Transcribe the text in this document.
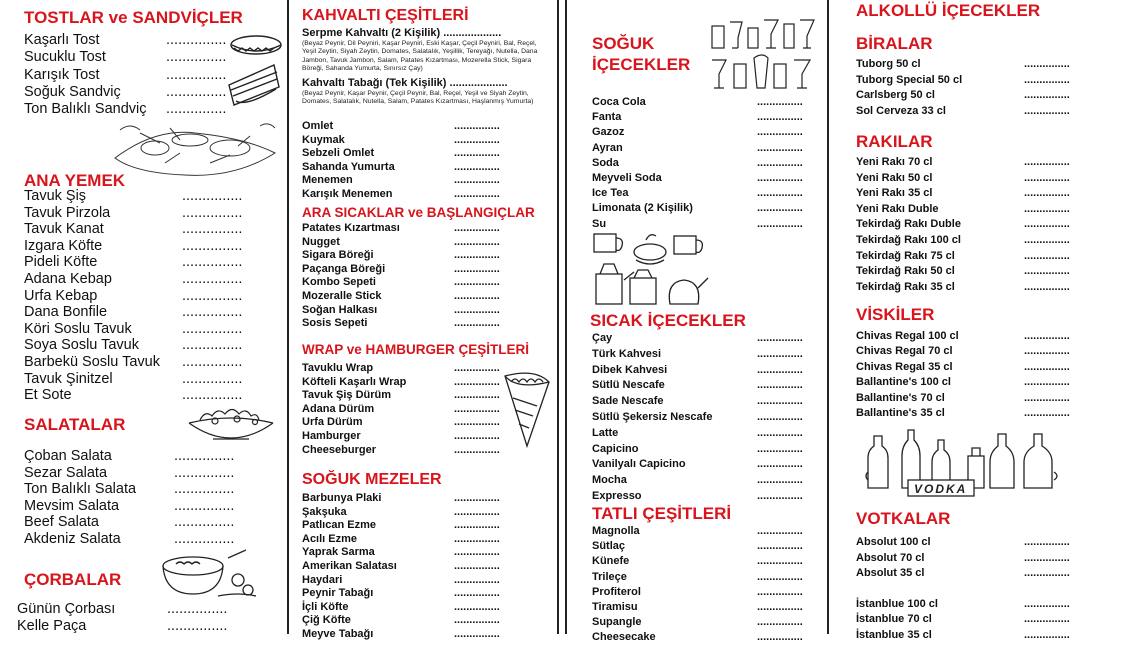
TOSTLAR ve SANDVİÇLER
ANA YEMEK
SALATALAR
ÇORBALAR
Kaşarlı Tost	...............
Sucuklu Tost	...............
Karışık Tost	...............
Soğuk Sandviç	...............
Ton Balıklı Sandviç ...............
Tavuk Şiş	...............
Tavuk Pirzola	...............
Tavuk Kanat	...............
Izgara Köfte	...............
Pideli Köfte	...............
Adana Kebap	...............
Urfa Kebap	...............
Dana Bonfile	...............
Köri Soslu Tavuk	...............
Soya Soslu Tavuk	...............
Barbekü Soslu Tavuk ...............
Tavuk Şinitzel	...............
Et Sote	...............
Çoban Salata	...............
Sezar Salata	...............
Ton Balıklı Salata	...............
Mevsim Salata	...............
Beef Salata	...............
Akdeniz Salata	...............
Günün Çorbası	...............
Kelle Paça	...............
KAHVALTI ÇEŞİTLERİ
Serpme Kahvaltı (2 Kişilik) ...................
(Beyaz Peynir, Dil Peyniri, Kaşar Peyniri, Eski Kaşar, Çeçil Peyniri, Bal, Reçel, Yeşil Zeytin, Siyah Zeytin, Domates, Salatalık, Yeşillik, Tereyağı, Nutella, Dana Jambon, Tavuk Jambon, Salam, Patates Kızartması, Mozerella Stick, Sigara Böreği, Sahanda Yumurta, Sınırsız Çay)
Kahvaltı Tabağı (Tek Kişilik) ...................
(Beyaz Peynir, Kaşar Peynir, Çeçil Peynir, Bal, Reçel, Yeşil ve Siyah Zeytin, Domates, Salatalık, Nutella, Salam, Patates Kızartması, Haşlanmış Yumurta)
ARA SICAKLAR ve BAŞLANGIÇLAR
WRAP ve HAMBURGER ÇEŞİTLERİ
SOĞUK MEZELER
Omlet	...............
Kuymak	...............
Sebzeli Omlet	...............
Sahanda Yumurta	...............
Menemen	...............
Karışık Menemen	...............
Patates Kızartması	...............
Nugget	...............
Sigara Böreği	...............
Paçanga Böreği	...............
Kombo Sepeti	...............
Mozeralle Stick	...............
Soğan Halkası	...............
Sosis Sepeti	...............
Tavuklu Wrap	...............
Köfteli Kaşarlı Wrap	...............
Tavuk Şiş Dürüm	...............
Adana Dürüm	...............
Urfa Dürüm	...............
Hamburger	...............
Cheeseburger	...............
Barbunya Plaki	...............
Şakşuka	...............
Patlıcan Ezme	...............
Acılı Ezme	...............
Yaprak Sarma	...............
Amerikan Salatası	...............
Haydari	...............
Peynir Tabağı	...............
İçli Köfte	...............
Çiğ Köfte	...............
Meyve Tabağı	...............
SOĞUK
İÇECEKLER
SICAK İÇECEKLER
TATLI ÇEŞİTLERİ
Coca Cola	...............
Fanta	...............
Gazoz	...............
Ayran	...............
Soda	...............
Meyveli Soda	...............
Ice Tea	...............
Limonata (2 Kişilik)	...............
Su	...............
Çay	...............
Türk Kahvesi	...............
Dibek Kahvesi	...............
Sütlü Nescafe	...............
Sade Nescafe	...............
Sütlü Şekersiz Nescafe	...............
Latte	...............
Capicino	...............
Vanilyalı Capicino	...............
Mocha	...............
Expresso	...............
Magnolla	...............
Sütlaç	...............
Künefe	...............
Trileçe	...............
Profiterol	...............
Tiramisu	...............
Supangle	...............
Cheesecake	...............
ALKOLLÜ İÇECEKLER
BİRALAR
RAKILAR
VİSKİLER
VODKA
VOTKALAR
Tuborg 50 cl	...............
Tuborg Special 50 cl	...............
Carlsberg 50 cl	...............
Sol Cerveza 33 cl	...............
Yeni Rakı 70 cl	...............
Yeni Rakı 50 cl	...............
Yeni Rakı 35 cl	...............
Yeni Rakı Duble	...............
Tekirdağ Rakı Duble	...............
Tekirdağ Rakı 100 cl	...............
Tekirdağ Rakı 75 cl	...............
Tekirdağ Rakı 50 cl	...............
Tekirdağ Rakı 35 cl	...............
Chivas Regal 100 cl	...............
Chivas Regal 70 cl	...............
Chivas Regal 35 cl	...............
Ballantine's 100 cl	...............
Ballantine's 70 cl	...............
Ballantine's 35 cl	...............
Absolut 100 cl	...............
Absolut 70 cl	...............
Absolut 35 cl	...............
İstanblue 100 cl	...............
İstanblue 70 cl	...............
İstanblue 35 cl	...............
